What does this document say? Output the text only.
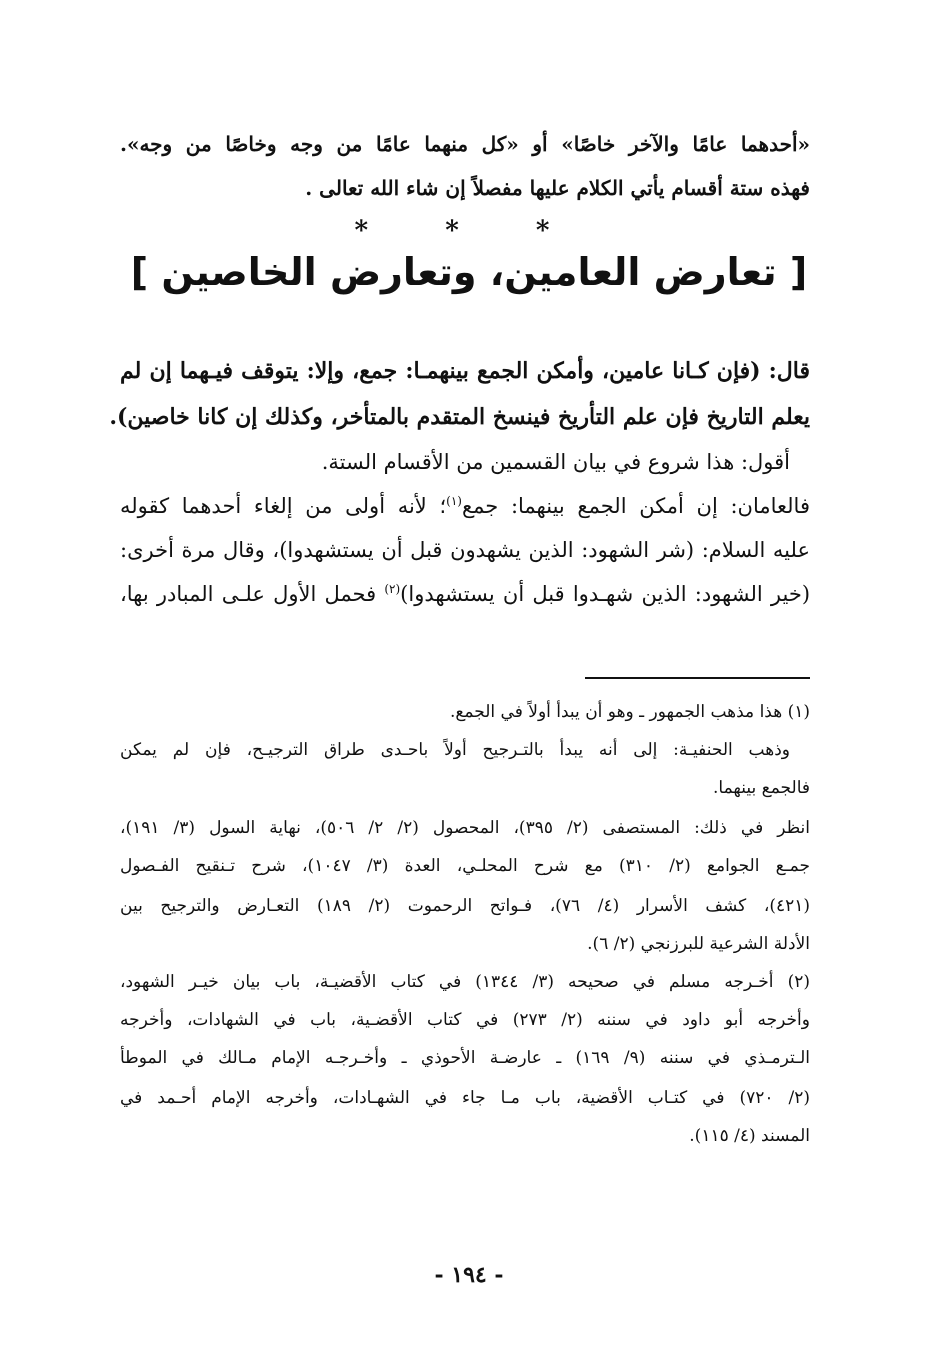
«أحدهما عامًا والآخر خاصًا» أو «كل منهما عامًا من وجه وخاصًا من وجه».
فهذه ستة أقسام يأتي الكلام عليها مفصلاً إن شاء الله تعالى .
* * *
[ تعارض العامين، وتعارض الخاصين ]
قال: (فإن كـانا عامين، وأمكن الجمع بينهمـا: جمع، وإلا: يتوقف فيـهما إن لم
يعلم التاريخ فإن علم التأريخ فينسخ المتقدم بالمتأخر، وكذلك إن كانا خاصين).
أقول: هذا شروع في بيان القسمين من الأقسام الستة.
فالعامان: إن أمكن الجمع بينهما: جمع$^{(١)}$؛ لأنه أولى من إلغاء أحدهما كقوله
عليه السلام: (شر الشهود: الذين يشهدون قبل أن يستشهدوا)، وقال مرة أخرى:
(خير الشهود: الذين شهـدوا قبل أن يستشهدوا)$^{(٢)}$ فحمل الأول علـى المبادر بها،
(١) هذا مذهب الجمهور ـ وهو أن يبدأ أولاً في الجمع.
وذهب الحنفيـة: إلى أنه يبدأ بالتـرجيح أولاً باحـدى طراق الترجيـح، فإن لم يمكن
فالجمع بينهما.
انظر في ذلك: المستصفى (٢/ ٣٩٥)، المحصول (٢/ ٢/ ٥٠٦)، نهاية السول (٣/ ١٩١)،
جمـع الجوامع (٢/ ٣١٠) مع شرح المحلـي، العدة (٣/ ١٠٤٧)، شرح تـنقيح الفـصول
(٤٢١)، كشف الأسرار (٤/ ٧٦)، فـواتح الرحموت (٢/ ١٨٩) التعـارض والترجيح بين
الأدلة الشرعية للبرزنجي (٢/ ٦).
(٢) أخـرجه مسلم في صحيحه (٣/ ١٣٤٤) في كتاب الأقضيـة، باب بيان خيـر الشهود،
وأخرجه أبو داود في سننه (٢/ ٢٧٣) في كتاب الأقضـية، باب في الشهادات، وأخرجه
الـترمـذي في سننه (٩/ ١٦٩) ـ عارضـة الأحوذي ـ وأخـرجـه الإمام مـالك في الموطأ
(٢/ ٧٢٠) في كتـاب الأقضية، باب مـا جاء في الشهـادات، وأخرجه الإمام أحـمد في
المسند (٤/ ١١٥).
- ١٩٤ -
